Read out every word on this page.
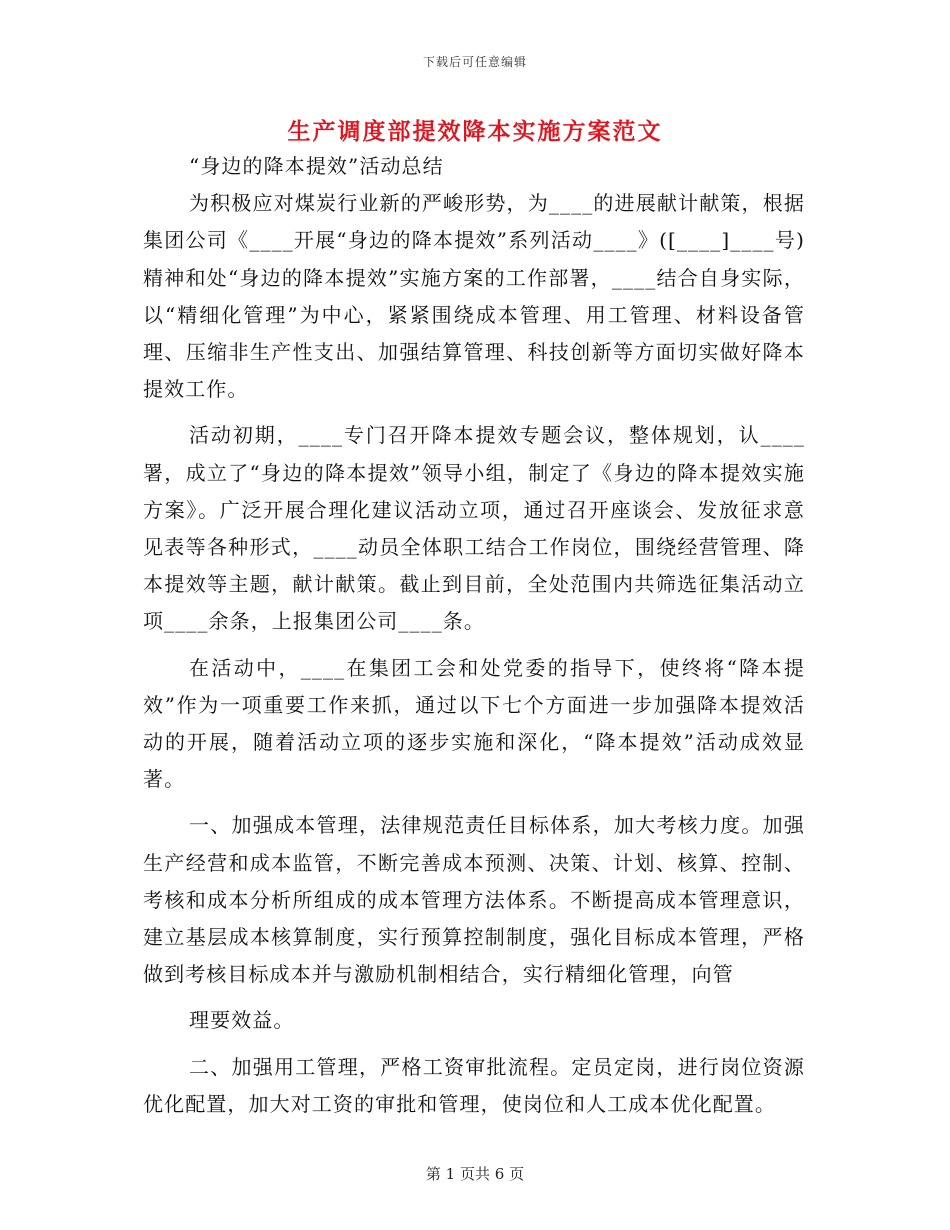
下载后可任意编辑
生产调度部提效降本实施方案范文

“身边的降本提效”活动总结

为积极应对煤炭行业新的严峻形势，为____的进展献计献策，根据集团公司《____开展“身边的降本提效”系列活动____》([____]____号)精神和处“身边的降本提效”实施方案的工作部署，____结合自身实际，以“精细化管理”为中心，紧紧围绕成本管理、用工管理、材料设备管理、压缩非生产性支出、加强结算管理、科技创新等方面切实做好降本提效工作。

活动初期，____专门召开降本提效专题会议，整体规划，认____署，成立了“身边的降本提效”领导小组，制定了《身边的降本提效实施方案》。广泛开展合理化建议活动立项，通过召开座谈会、发放征求意见表等各种形式，____动员全体职工结合工作岗位，围绕经营管理、降本提效等主题，献计献策。截止到目前，全处范围内共筛选征集活动立项____余条，上报集团公司____条。

在活动中，____在集团工会和处党委的指导下，使终将“降本提效”作为一项重要工作来抓，通过以下七个方面进一步加强降本提效活动的开展，随着活动立项的逐步实施和深化，“降本提效”活动成效显著。

一、加强成本管理，法律规范责任目标体系，加大考核力度。加强生产经营和成本监管，不断完善成本预测、决策、计划、核算、控制、考核和成本分析所组成的成本管理方法体系。不断提高成本管理意识，建立基层成本核算制度，实行预算控制制度，强化目标成本管理，严格做到考核目标成本并与激励机制相结合，实行精细化管理，向管

理要效益。

二、加强用工管理，严格工资审批流程。定员定岗，进行岗位资源优化配置，加大对工资的审批和管理，使岗位和人工成本优化配置。

第 1 页共 6 页
